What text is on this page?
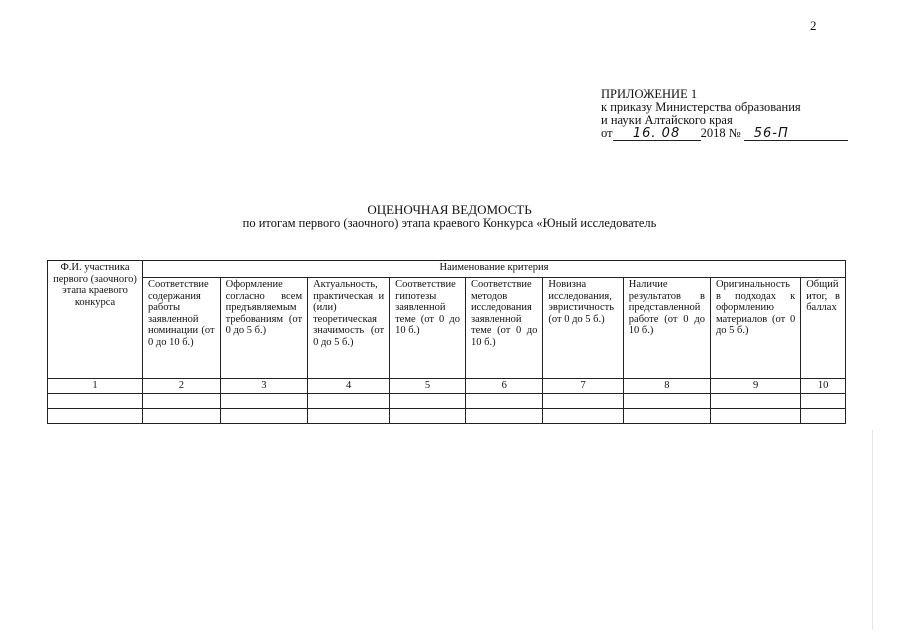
2
ПРИЛОЖЕНИЕ 1
к приказу Министерства образования
и науки Алтайского края
от 16. 08 2018 № 56-П
ОЦЕНОЧНАЯ ВЕДОМОСТЬ
по итогам первого (заочного) этапа краевого Конкурса «Юный исследователь
Ф.И. участника первого (заочного) этапа краевого конкурса	Наименование критерия								
	Соответствие содержания работы заявленной номинации (от 0 до 10 б.)	Оформление согласно всем предъявляемым требованиям (от 0 до 5 б.)	Актуальность, практическая и (или) теоретическая значимость (от 0 до 5 б.)	Соответствие гипотезы заявленной теме (от 0 до 10 б.)	Соответствие методов исследования заявленной теме (от 0 до 10 б.)	Новизна исследования, эвристичность (от 0 до 5 б.)	Наличие результатов в представленной работе (от 0 до 10 б.)	Оригинальность в подходах к оформлению материалов (от 0 до 5 б.)	Общий итог, в баллах
1	2	3	4	5	6	7	8	9	10
